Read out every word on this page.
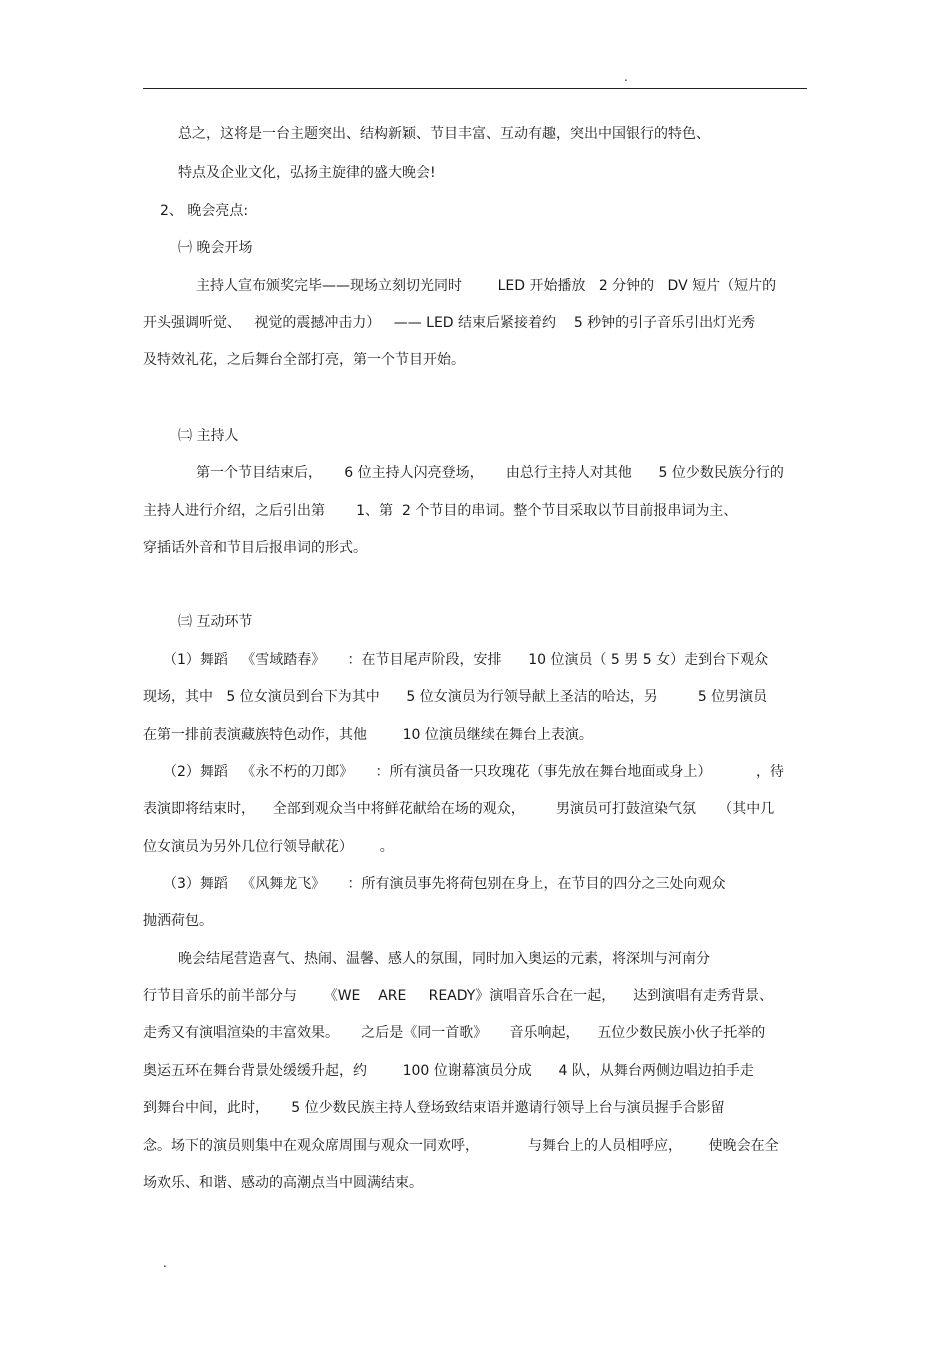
.
总之，这将是一台主题突出、结构新颖、节目丰富、互动有趣，突出中国银行的特色、
特点及企业文化，弘扬主旋律的盛大晚会!
2、 晚会亮点:
㈠ 晚会开场
主持人宣布颁奖完毕——现场立刻切光同时        LED 开始播放   2 分钟的   DV 短片（短片的
开头强调听觉、   视觉的震撼冲击力）   —— LED 结束后紧接着约    5 秒钟的引子音乐引出灯光秀
及特效礼花，之后舞台全部打亮，第一个节目开始。
㈡ 主持人
第一个节目结束后，     6 位主持人闪亮登场，     由总行主持人对其他      5 位少数民族分行的
主持人进行介绍，之后引出第       1、第  2 个节目的串词。整个节目采取以节目前报串词为主、
穿插话外音和节目后报串词的形式。
㈢ 互动环节
（1）舞蹈   《雪域踏春》     ：在节目尾声阶段，安排      10 位演员（ 5 男 5 女）走到台下观众
现场，其中   5 位女演员到台下为其中      5 位女演员为行领导献上圣洁的哈达，另         5 位男演员
在第一排前表演藏族特色动作，其他        10 位演员继续在舞台上表演。
（2）舞蹈   《永不朽的刀郎》     ：所有演员备一只玫瑰花（事先放在舞台地面或身上）          ，待
表演即将结束时，    全部到观众当中将鲜花献给在场的观众，       男演员可打鼓渲染气氛     （其中几
位女演员为另外几位行领导献花）      。
（3）舞蹈   《风舞龙飞》     ：所有演员事先将荷包别在身上，在节目的四分之三处向观众
抛洒荷包。
晚会结尾营造喜气、热闹、温馨、感人的氛围，同时加入奥运的元素，将深圳与河南分
行节目音乐的前半部分与      《WE    ARE     READY》演唱音乐合在一起，    达到演唱有走秀背景、
走秀又有演唱渲染的丰富效果。     之后是《同一首歌》     音乐响起，    五位少数民族小伙子托举的
奥运五环在舞台背景处缓缓升起，约        100 位谢幕演员分成      4 队，从舞台两侧边唱边拍手走
到舞台中间，此时，     5 位少数民族主持人登场致结束语并邀请行领导上台与演员握手合影留
念。场下的演员则集中在观众席周围与观众一同欢呼，           与舞台上的人员相呼应，      使晚会在全
场欢乐、和谐、感动的高潮点当中圆满结束。
.
